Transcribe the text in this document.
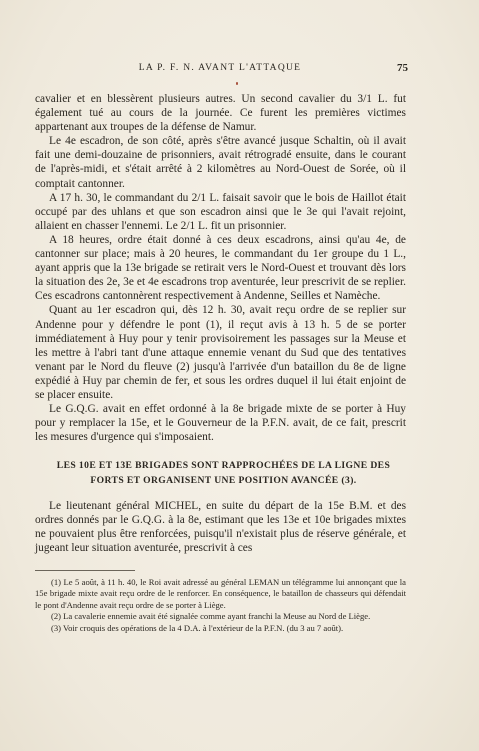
LA P. F. N. AVANT L'ATTAQUE	75

cavalier et en blessèrent plusieurs autres. Un second cavalier du 3/1 L. fut également tué au cours de la journée. Ce furent les premières victimes appartenant aux troupes de la défense de Namur.

Le 4e escadron, de son côté, après s'être avancé jusque Schaltin, où il avait fait une demi-douzaine de prisonniers, avait rétrogradé ensuite, dans le courant de l'après-midi, et s'était arrêté à 2 kilomètres au Nord-Ouest de Sorée, où il comptait cantonner.

A 17 h. 30, le commandant du 2/1 L. faisait savoir que le bois de Haillot était occupé par des uhlans et que son escadron ainsi que le 3e qui l'avait rejoint, allaient en chasser l'ennemi. Le 2/1 L. fit un prisonnier.

A 18 heures, ordre était donné à ces deux escadrons, ainsi qu'au 4e, de cantonner sur place; mais à 20 heures, le commandant du 1er groupe du 1 L., ayant appris que la 13e brigade se retirait vers le Nord-Ouest et trouvant dès lors la situation des 2e, 3e et 4e escadrons trop aventurée, leur prescrivit de se replier. Ces escadrons cantonnèrent respectivement à Andenne, Seilles et Namèche.

Quant au 1er escadron qui, dès 12 h. 30, avait reçu ordre de se replier sur Andenne pour y défendre le pont (1), il reçut avis à 13 h. 5 de se porter immédiatement à Huy pour y tenir provisoirement les passages sur la Meuse et les mettre à l'abri tant d'une attaque ennemie venant du Sud que des tentatives venant par le Nord du fleuve (2) jusqu'à l'arrivée d'un bataillon du 8e de ligne expédié à Huy par chemin de fer, et sous les ordres duquel il lui était enjoint de se placer ensuite.

Le G.Q.G. avait en effet ordonné à la 8e brigade mixte de se porter à Huy pour y remplacer la 15e, et le Gouverneur de la P.F.N. avait, de ce fait, prescrit les mesures d'urgence qui s'imposaient.

LES 10E ET 13E BRIGADES SONT RAPPROCHÉES DE LA LIGNE DES
FORTS ET ORGANISENT UNE POSITION AVANCÉE (3).

Le lieutenant général MICHEL, en suite du départ de la 15e B.M. et des ordres donnés par le G.Q.G. à la 8e, estimant que les 13e et 10e brigades mixtes ne pouvaient plus être renforcées, puisqu'il n'existait plus de réserve générale, et jugeant leur situation aventurée, prescrivit à ces

(1) Le 5 août, à 11 h. 40, le Roi avait adressé au général LEMAN un télégramme lui annonçant que la 15e brigade mixte avait reçu ordre de le renforcer. En conséquence, le bataillon de chasseurs qui défendait le pont d'Andenne avait reçu ordre de se porter à Liège.

(2) La cavalerie ennemie avait été signalée comme ayant franchi la Meuse au Nord de Liège.

(3) Voir croquis des opérations de la 4 D.A. à l'extérieur de la P.F.N. (du 3 au 7 août).
